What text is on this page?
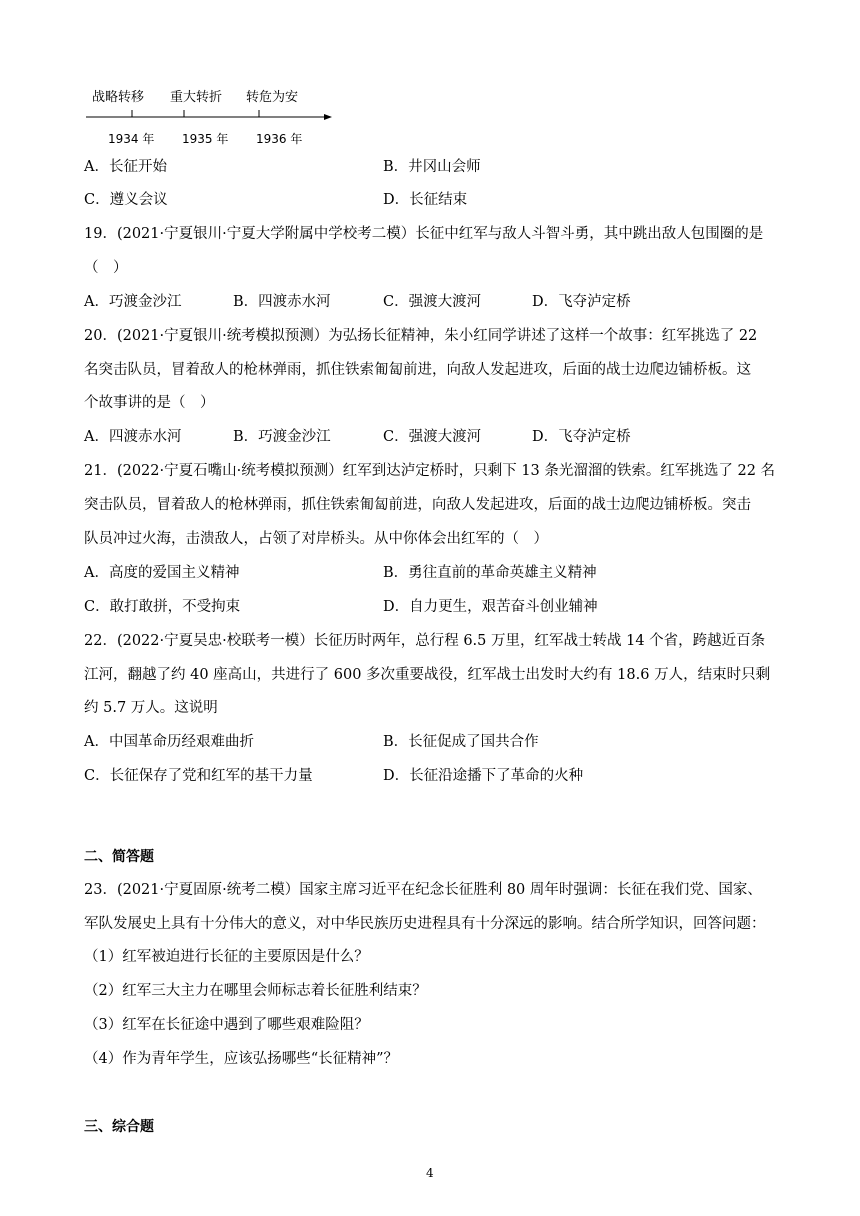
战略转移 重大转折 转危为安
1934 年 1935 年 1936 年
A．长征开始	B．井冈山会师
C．遵义会议	D．长征结束
19．(2021·宁夏银川·宁夏大学附属中学校考二模）长征中红军与敌人斗智斗勇，其中跳出敌人包围圈的是
（　）
A．巧渡金沙江	B．四渡赤水河	C．强渡大渡河	D．飞夺泸定桥
20．(2021·宁夏银川·统考模拟预测）为弘扬长征精神，朱小红同学讲述了这样一个故事：红军挑选了 22
名突击队员，冒着敌人的枪林弹雨，抓住铁索匍匐前进，向敌人发起进攻，后面的战士边爬边铺桥板。这
个故事讲的是（　）
A．四渡赤水河	B．巧渡金沙江	C．强渡大渡河	D．飞夺泸定桥
21．(2022·宁夏石嘴山·统考模拟预测）红军到达泸定桥时，只剩下 13 条光溜溜的铁索。红军挑选了 22 名
突击队员，冒着敌人的枪林弹雨，抓住铁索匍匐前进，向敌人发起进攻，后面的战士边爬边铺桥板。突击
队员冲过火海，击溃敌人，占领了对岸桥头。从中你体会出红军的（　）
A．高度的爱国主义精神	B．勇往直前的革命英雄主义精神
C．敢打敢拼，不受拘束	D．自力更生，艰苦奋斗创业辅神
22．(2022·宁夏吴忠·校联考一模）长征历时两年，总行程 6.5 万里，红军战士转战 14 个省，跨越近百条
江河，翻越了约 40 座高山，共进行了 600 多次重要战役，红军战士出发时大约有 18.6 万人，结束时只剩
约 5.7 万人。这说明
A．中国革命历经艰难曲折	B．长征促成了国共合作
C．长征保存了党和红军的基干力量	D．长征沿途播下了革命的火种
二、简答题
23．(2021·宁夏固原·统考二模）国家主席习近平在纪念长征胜利 80 周年时强调：长征在我们党、国家、
军队发展史上具有十分伟大的意义，对中华民族历史进程具有十分深远的影响。结合所学知识，回答问题：
（1）红军被迫进行长征的主要原因是什么？
（2）红军三大主力在哪里会师标志着长征胜利结束？
（3）红军在长征途中遇到了哪些艰难险阻？
（4）作为青年学生，应该弘扬哪些“长征精神”？
三、综合题
4
